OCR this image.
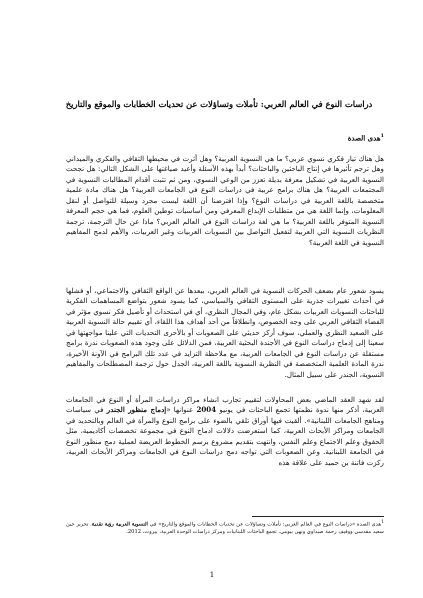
دراسات النوع في العالم العربي: تأملات وتساؤلات عن تحديات الخطابات والموقع والتاريخ
$^1$هدى الصدة

هل هناك تيار فكري نسوي عربي؟ ما هي النسوية العربية؟ وهل أثرت في محيطها الثقافي والفكري والميداني وهل ترجم تأثيرها في إنتاج الباحثين والباحثات؟ أبدأ بهذه الأسئلة وأعيد صياغتها على الشكل التالي: هل نجحت النسوية العربية في تشكيل معرفة بديلة تعزز من الوعي النسوي، ومن ثم تثبت أقدام المطالبات النسوية في المجتمعات العربية؟ هل هناك برامج عربية في دراسات النوع في الجامعات العربية؟ هل هناك مادة علمية متخصصة باللغة العربية في دراسات النوع؟ وإذا افترضنا أن اللغة ليست مجرد وسيلة للتواصل أو لنقل المعلومات، وإنما اللغة هي من متطلبات الإبداع المعرفي ومن أساسيات توطين العلوم، فما هي حجم المعرفة النسوية المتوفر باللغة العربية؟ ما هي لغة دراسات النوع في العالم العربي؟ ماذا عن حال الترجمة، ترجمة النظريات النسوية التي العربية لتفعيل التواصل بين النسويات العربيات وغير العربيات، والأهم لدمج المفاهيم النسوية في اللغة العربية؟

يسود شعور عام بضعف الحركات النسوية في العالم العربي، ببعدها عن الواقع الثقافي والاجتماعي، أو فشلها في أحداث تغييرات جذرية على المستوى الثقافي والسياسي، كما يسود شعور بتواضع المساهمات الفكرية للباحثات النسويات العربيات بشكل عام، وفي المجال النظري، أي في استحداث أو تأصيل فكر نسوي مؤثر في الفضاء الثقافي العربي على وجه الخصوص، وانطلاقاً من أحد أهداف هذا اللقاء، أي تقييم حالة النسوية العربية على الصعيد النظري والعملي، سوف أركز حديثي على الصعوبات أو بالأحرى التحديات التي علينا مواجهتها في سعينا إلى إدماج دراسات النوع في الأجندة البحثية العربية، فمن الدلائل على وجود هذه الصعوبات ندرة برامج مستقلة عن دراسات النوع في الجامعات العربية، مع ملاحظة التزايد في عدد تلك البرامج في الآونة الأخيرة، ندرة المادة العلمية المتخصصة في النظرية النسوية باللغة العربية، الجدل حول ترجمة المصطلحات والمفاهيم النسوية، الجندر على سبيل المثال.

لقد شهد العقد الماضي بعض المحاولات لتقييم تجارب انشاء مراكز دراسات المرأة أو النوع في الجامعات العربية، أذكر منها ندوة نظمتها تجمع الباحثات في يونيو 2004 عنوانها «إدماج منظور الجندر في سياسات ومناهج الجامعات اللبنانية». ألقيت فيها أوراق تلقي بالضوء على برامج النوع والمرأة في العالم وبالتحديد في الجامعات ومراكز الأبحاث العربية، كما استعرضت دلالات ادماج النوع في مجموعة تخصصات أكاديمية، مثل الحقوق وعلم الاجتماع وعلم النفس، وانتهت بتقديم مشروع برسم الخطوط العريضة لعملية دمج منظور النوع في الجامعة اللبنانية. وعن الصعوبات التي تواجه دمج دراسات النوع في الجامعات ومراكز الأبحاث العربية، ركزت فاتنة بن حميد على علاقة هذه

$^1$هدى الصدة «دراسات النوع في العالم العربي: تأملات وتساؤلات عن تحديات الخطابات والموقع والتاريخ» في النسوية العربية رؤية نقدية. تحرير جين سعيد مقدسي ووفيف رحمة صيداوي ونهى بيومي. تجمع الباحثات اللبنانيات ومركز دراسات الوحدة العربية، بيروت، 2012.
1
